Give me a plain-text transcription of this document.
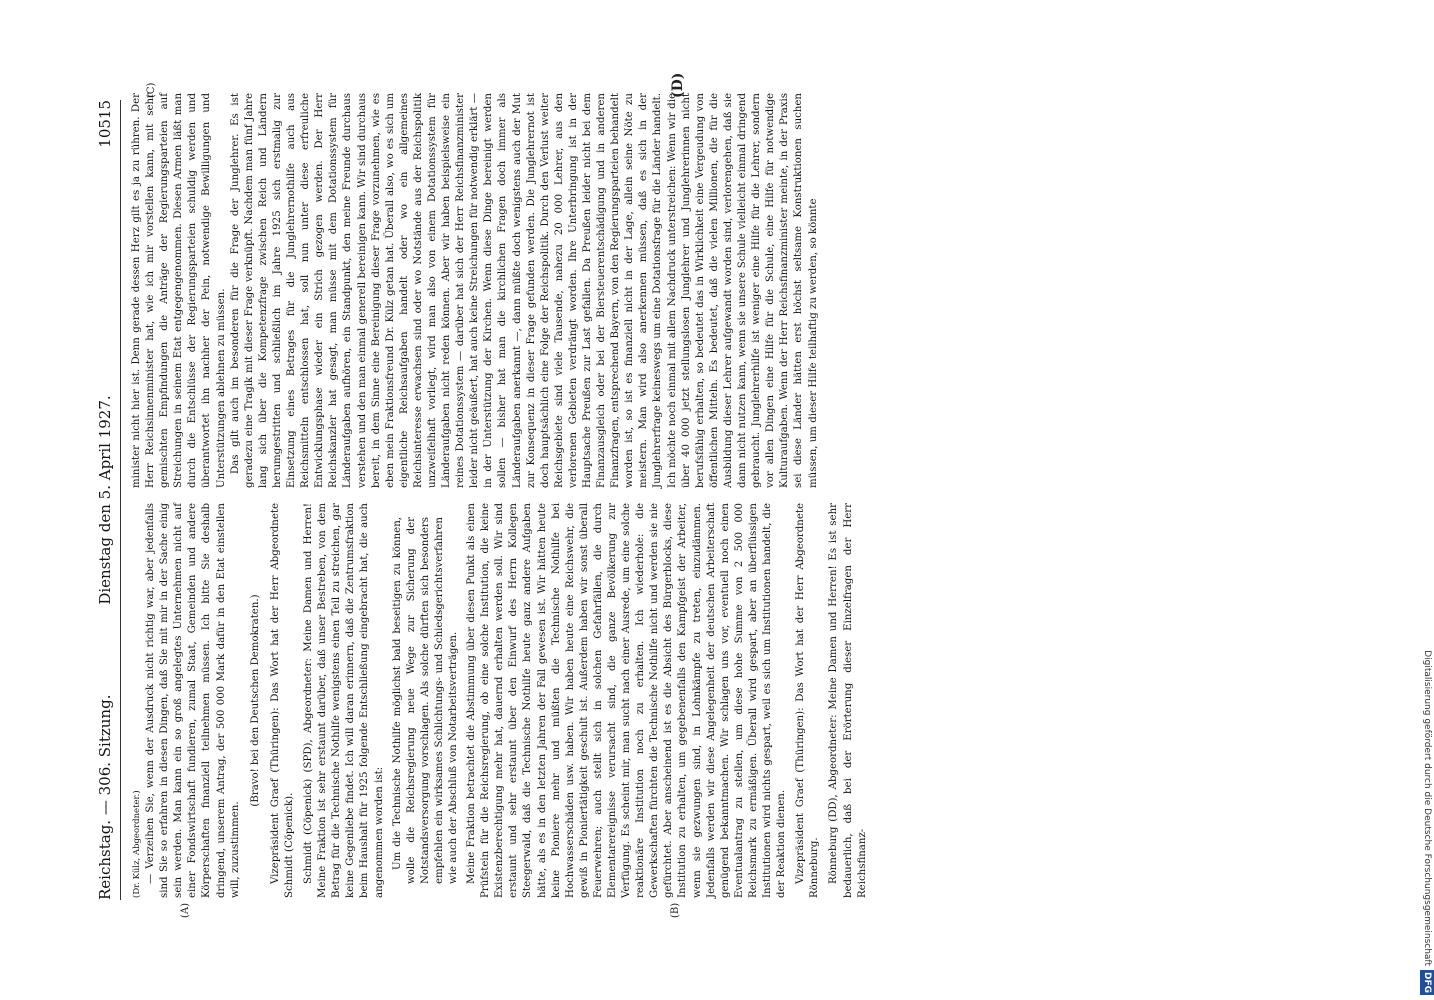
Reichstag. — 306. Sitzung.
Dienstag den 5. April 1927.
10515
(A)	(B)
(C)	(D)

(Dr. Külz, Abgeordneter.) — Verzeihen Sie, wenn der Ausdruck nicht richtig war, aber jedenfalls sind Sie so erfahren in diesen Dingen, daß Sie mit mir in der Sache einig sein werden. Man kann ein so groß angelegtes Unternehmen nicht auf einer Fondswirtschaft fundieren, zumal Staat, Gemeinden und andere Körperschaften finanziell teilnehmen müssen. Ich bitte Sie deshalb dringend, unserem Antrag, der 500 000 Mark dafür in den Etat einstellen will, zuzustimmen.

(Bravo! bei den Deutschen Demokraten.) Vizepräsident Graef (Thüringen): Das Wort hat der Herr Abgeordnete Schmidt (Cöpenick). Schmidt (Cöpenick) (SPD), Abgeordneter: Meine Damen und Herren! Meine Fraktion ist sehr erstaunt darüber, daß unser Bestreben, von dem Betrag für die Technische Nothilfe wenigstens einen Teil zu streichen, gar keine Gegenliebe findet. Ich will daran erinnern, daß die Zentrumsfraktion beim Haushalt für 1925 folgende Entschließung eingebracht hat, die auch angenommen worden ist: Um die Technische Nothilfe möglichst bald beseitigen zu können, wolle die Reichsregierung neue Wege zur Sicherung der Notstandsversorgung vorschlagen. Als solche dürften sich besonders empfehlen ein wirksames Schlichtungs- und Schiedsgerichtsverfahren wie auch der Abschluß von Notarbeitsverträgen. Meine Fraktion betrachtet die Abstimmung über diesen Punkt als einen Prüfstein für die Reichsregierung, ob eine solche Institution, die keine Existenzberechtigung mehr hat, dauernd erhalten werden soll. Wir sind erstaunt und sehr erstaunt über den Einwurf des Herrn Kollegen Steegerwald, daß die Technische Nothilfe heute ganz andere Aufgaben hätte, als es in den letzten Jahren der Fall gewesen ist. Wir hätten heute keine Pioniere mehr und müßten die Technische Nothilfe bei Hochwasserschäden usw. haben. Wir haben heute eine Reichswehr, die gewiß in Pioniertätigkeit geschult ist. Außerdem haben wir sonst überall Feuerwehren; auch stellt sich in solchen Gefahrfällen, die durch Elementarereignisse verursacht sind, die ganze Bevölkerung zur Verfügung. Es scheint mir, man sucht nach einer Ausrede, um eine solche reaktionäre Institution noch zu erhalten. Ich wiederhole: die Gewerkschaften fürchten die Technische Nothilfe nicht und werden sie nie gefürchtet. Aber anscheinend ist es die Absicht des Bürgerblocks, diese Institution zu erhalten, um gegebenenfalls den Kampfgeist der Arbeiter, wenn sie gezwungen sind, in Lohnkämpfe zu treten, einzudämmen. Jedenfalls werden wir diese Angelegenheit der deutschen Arbeiterschaft genügend bekanntmachen. Wir schlagen uns vor, eventuell noch einen Eventualantrag zu stellen, um diese hohe Summe von 2 500 000 Reichsmark zu ermäßigen. Überall wird gespart, aber an überflüssigen Institutionen wird nichts gespart, weil es sich um Institutionen handelt, die der Reaktion dienen. Vizepräsident Graef (Thüringen): Das Wort hat der Herr Abgeordnete Rönneburg. Rönneburg (DD), Abgeordneter: Meine Damen und Herren! Es ist sehr bedauerlich, daß bei der Erörterung dieser Einzelfragen der Herr Reichsfinanz-

minister nicht hier ist. Denn gerade dessen Herz gilt es ja zu rühren. Der Herr Reichsinnenminister hat, wie ich mir vorstellen kann, mit sehr gemischten Empfindungen die Anträge der Regierungsparteien auf Streichungen in seinem Etat entgegengenommen. Diesen Armen läßt man durch die Entschlüsse der Regierungsparteien schuldig werden und überantwortet ihn nachher der Pein, notwendige Bewilligungen und Unterstützungen ablehnen zu müssen. Das gilt auch im besonderen für die Frage der Junglehrer. Es ist geradezu eine Tragik mit dieser Frage verknüpft. Nachdem man fünf Jahre lang sich über die Kompetenzfrage zwischen Reich und Ländern herumgestritten und schließlich im Jahre 1925 sich erstmalig zur Einsetzung eines Betrages für die Junglehrernothilfe auch aus Reichsmitteln entschlossen hat, soll nun unter diese erfreuliche Entwicklungsphase wieder ein Strich gezogen werden. Der Herr Reichskanzler hat gesagt, man müsse mit dem Dotationssystem für Länderaufgaben aufhören, ein Standpunkt, den meine Freunde durchaus verstehen und den man einmal generell bereinigen kann. Wir sind durchaus bereit, in dem Sinne eine Bereinigung dieser Frage vorzunehmen, wie es eben mein Fraktionsfreund Dr. Külz getan hat. Überall also, wo es sich um eigentliche Reichsaufgaben handelt oder wo ein allgemeines Reichsinteresse erwachsen sind oder wo Notstände aus der Reichspolitik unzweifelhaft vorliegt, wird man also von einem Dotationssystem für Länderaufgaben nicht reden können. Aber wir haben beispielsweise ein reines Dotationssystem — darüber hat sich der Herr Reichsfinanzminister leider nicht geäußert, hat auch keine Streichungen für notwendig erklärt — in der Unterstützung der Kirchen. Wenn diese Dinge bereinigt werden sollen — bisher hat man die kirchlichen Fragen doch immer als Länderaufgaben anerkannt —, dann müßte doch wenigstens auch der Mut zur Konsequenz in dieser Frage gefunden werden. Die Junglehrernot ist doch hauptsächlich eine Folge der Reichspolitik. Durch den Verlust weiter Reichsgebiete sind viele Tausende, nahezu 20 000 Lehrer, aus den verlorenen Gebieten verdrängt worden. Ihre Unterbringung ist in der Hauptsache Preußen zur Last gefallen. Da Preußen leider nicht bei dem Finanzausgleich oder bei der Biersteuerentschädigung und in anderen Finanzfragen, entsprechend Bayern, von den Regierungsparteien behandelt worden ist, so ist es finanziell nicht in der Lage, allein seine Nöte zu meistern. Man wird also anerkennen müssen, daß es sich in der Junglehrerfrage keineswegs um eine Dotationsfrage für die Länder handelt. Ich möchte noch einmal mit allem Nachdruck unterstreichen: Wenn wir die über 40 000 jetzt stellungslosen Junglehrer und Junglehrerinnen nicht berufsfähig erhalten, so bedeutet das in Wirklichkeit eine Vergeudung von öffentlichen Mitteln. Es bedeutet, daß die vielen Millionen, die für die Ausbildung dieser Lehrer aufgewandt worden sind, verlorengehen, daß sie dann nicht nutzen kann, wenn sie unsere Schule vielleicht einmal dringend gebraucht. Junglehrerhilfe ist weniger eine Hilfe für die Lehrer, sondern vor allen Dingen eine Hilfe für die Schule, eine Hilfe für notwendige Kulturaufgaben. Wenn der Herr Reichsfinanzminister meinte, in der Praxis sei diese Länder hätten erst höchst seltsame Konstruktionen suchen müssen, um dieser Hilfe teilhaftig zu werden, so könnte

Digitalisierung gefördert durch die Deutsche ForschungsgemeinschaftDFG
